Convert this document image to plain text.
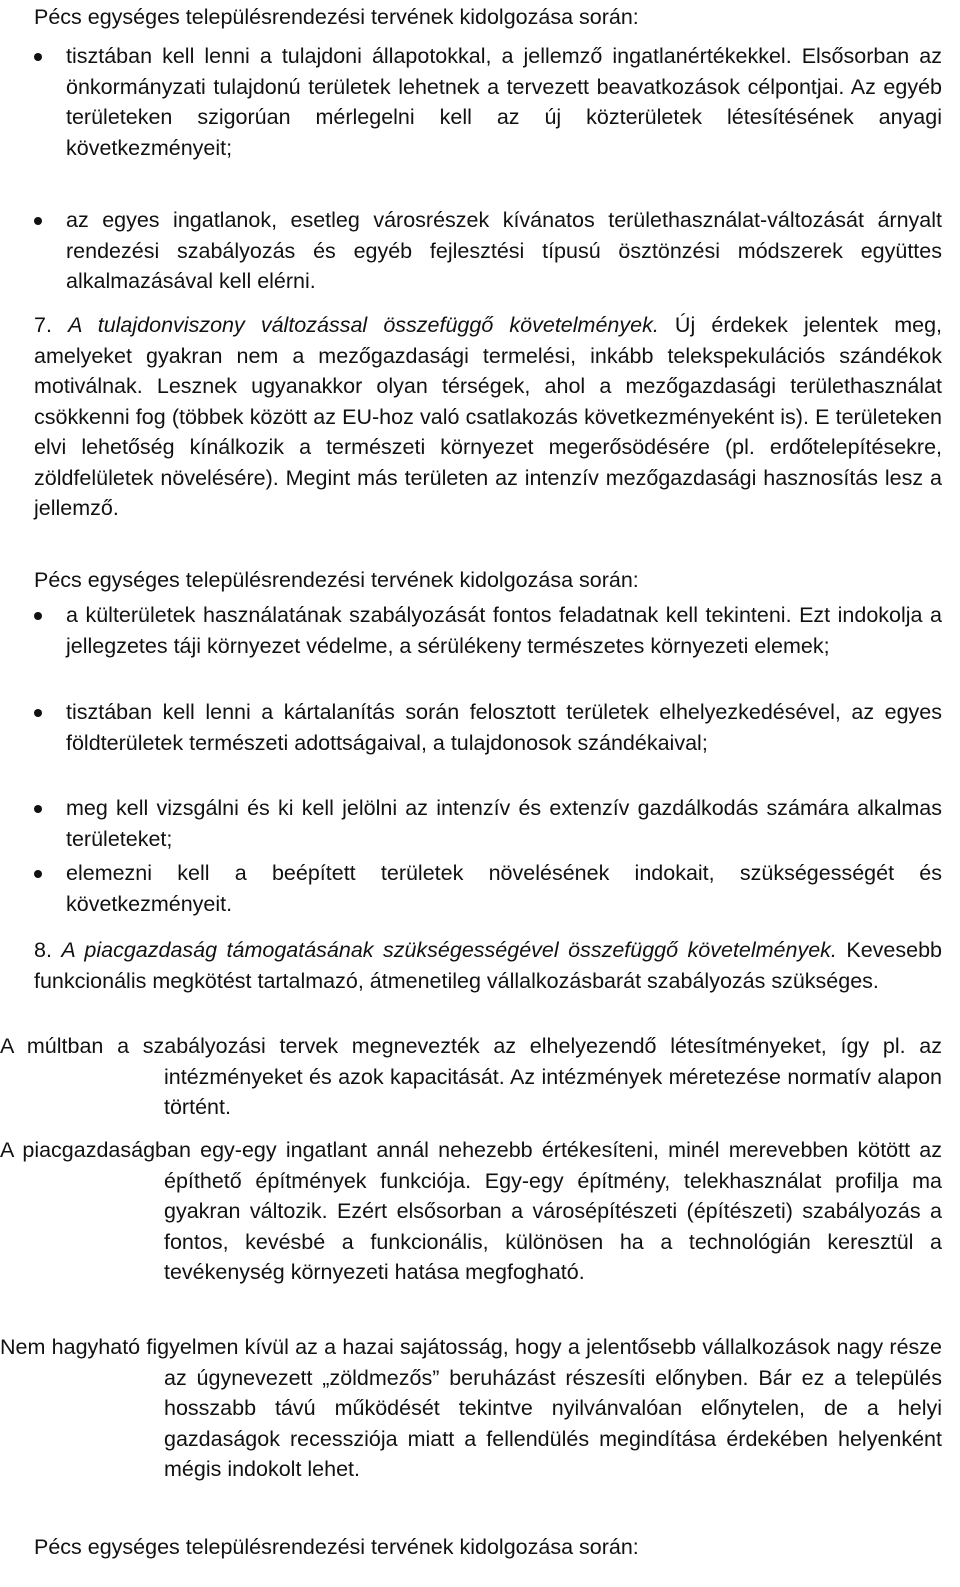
Pécs egységes településrendezési tervének kidolgozása során:

tisztában kell lenni a tulajdoni állapotokkal, a jellemző ingatlanértékekkel. Elsősorban az önkormányzati tulajdonú területek lehetnek a tervezett beavatkozások célpontjai. Az egyéb területeken szigorúan mérlegelni kell az új közterületek létesítésének anyagi következményeit;

az egyes ingatlanok, esetleg városrészek kívánatos területhasználat-változását árnyalt rendezési szabályozás és egyéb fejlesztési típusú ösztönzési módszerek együttes alkalmazásával kell elérni.

7. A tulajdonviszony változással összefüggő követelmények. Új érdekek jelentek meg, amelyeket gyakran nem a mezőgazdasági termelési, inkább telekspekulációs szándékok motiválnak. Lesznek ugyanakkor olyan térségek, ahol a mezőgazdasági területhasználat csökkenni fog (többek között az EU-hoz való csatlakozás következményeként is). E területeken elvi lehetőség kínálkozik a természeti környezet megerősödésére (pl. erdőtelepítésekre, zöldfelületek növelésére). Megint más területen az intenzív mezőgazdasági hasznosítás lesz a jellemző.

Pécs egységes településrendezési tervének kidolgozása során:

a külterületek használatának szabályozását fontos feladatnak kell tekinteni. Ezt indokolja a jellegzetes táji környezet védelme, a sérülékeny természetes környezeti elemek;

tisztában kell lenni a kártalanítás során felosztott területek elhelyezkedésével, az egyes földterületek természeti adottságaival, a tulajdonosok szándékaival;

meg kell vizsgálni és ki kell jelölni az intenzív és extenzív gazdálkodás számára alkalmas területeket;

elemezni kell a beépített területek növelésének indokait, szükségességét és következményeit.

8. A piacgazdaság támogatásának szükségességével összefüggő követelmények. Kevesebb funkcionális megkötést tartalmazó, átmenetileg vállalkozásbarát szabályozás szükséges.

A múltban a szabályozási tervek megnevezték az elhelyezendő létesítményeket, így pl. az intézményeket és azok kapacitását. Az intézmények méretezése normatív alapon történt.

A piacgazdaságban egy-egy ingatlant annál nehezebb értékesíteni, minél merevebben kötött az építhető építmények funkciója. Egy-egy építmény, telekhasználat profilja ma gyakran változik. Ezért elsősorban a városépítészeti (építészeti) szabályozás a fontos, kevésbé a funkcionális, különösen ha a technológián keresztül a tevékenység környezeti hatása megfogható.

Nem hagyható figyelmen kívül az a hazai sajátosság, hogy a jelentősebb vállalkozások nagy része az úgynevezett „zöldmezős” beruházást részesíti előnyben. Bár ez a település hosszabb távú működését tekintve nyilvánvalóan előnytelen, de a helyi gazdaságok recessziója miatt a fellendülés megindítása érdekében helyenként mégis indokolt lehet.

Pécs egységes településrendezési tervének kidolgozása során:
